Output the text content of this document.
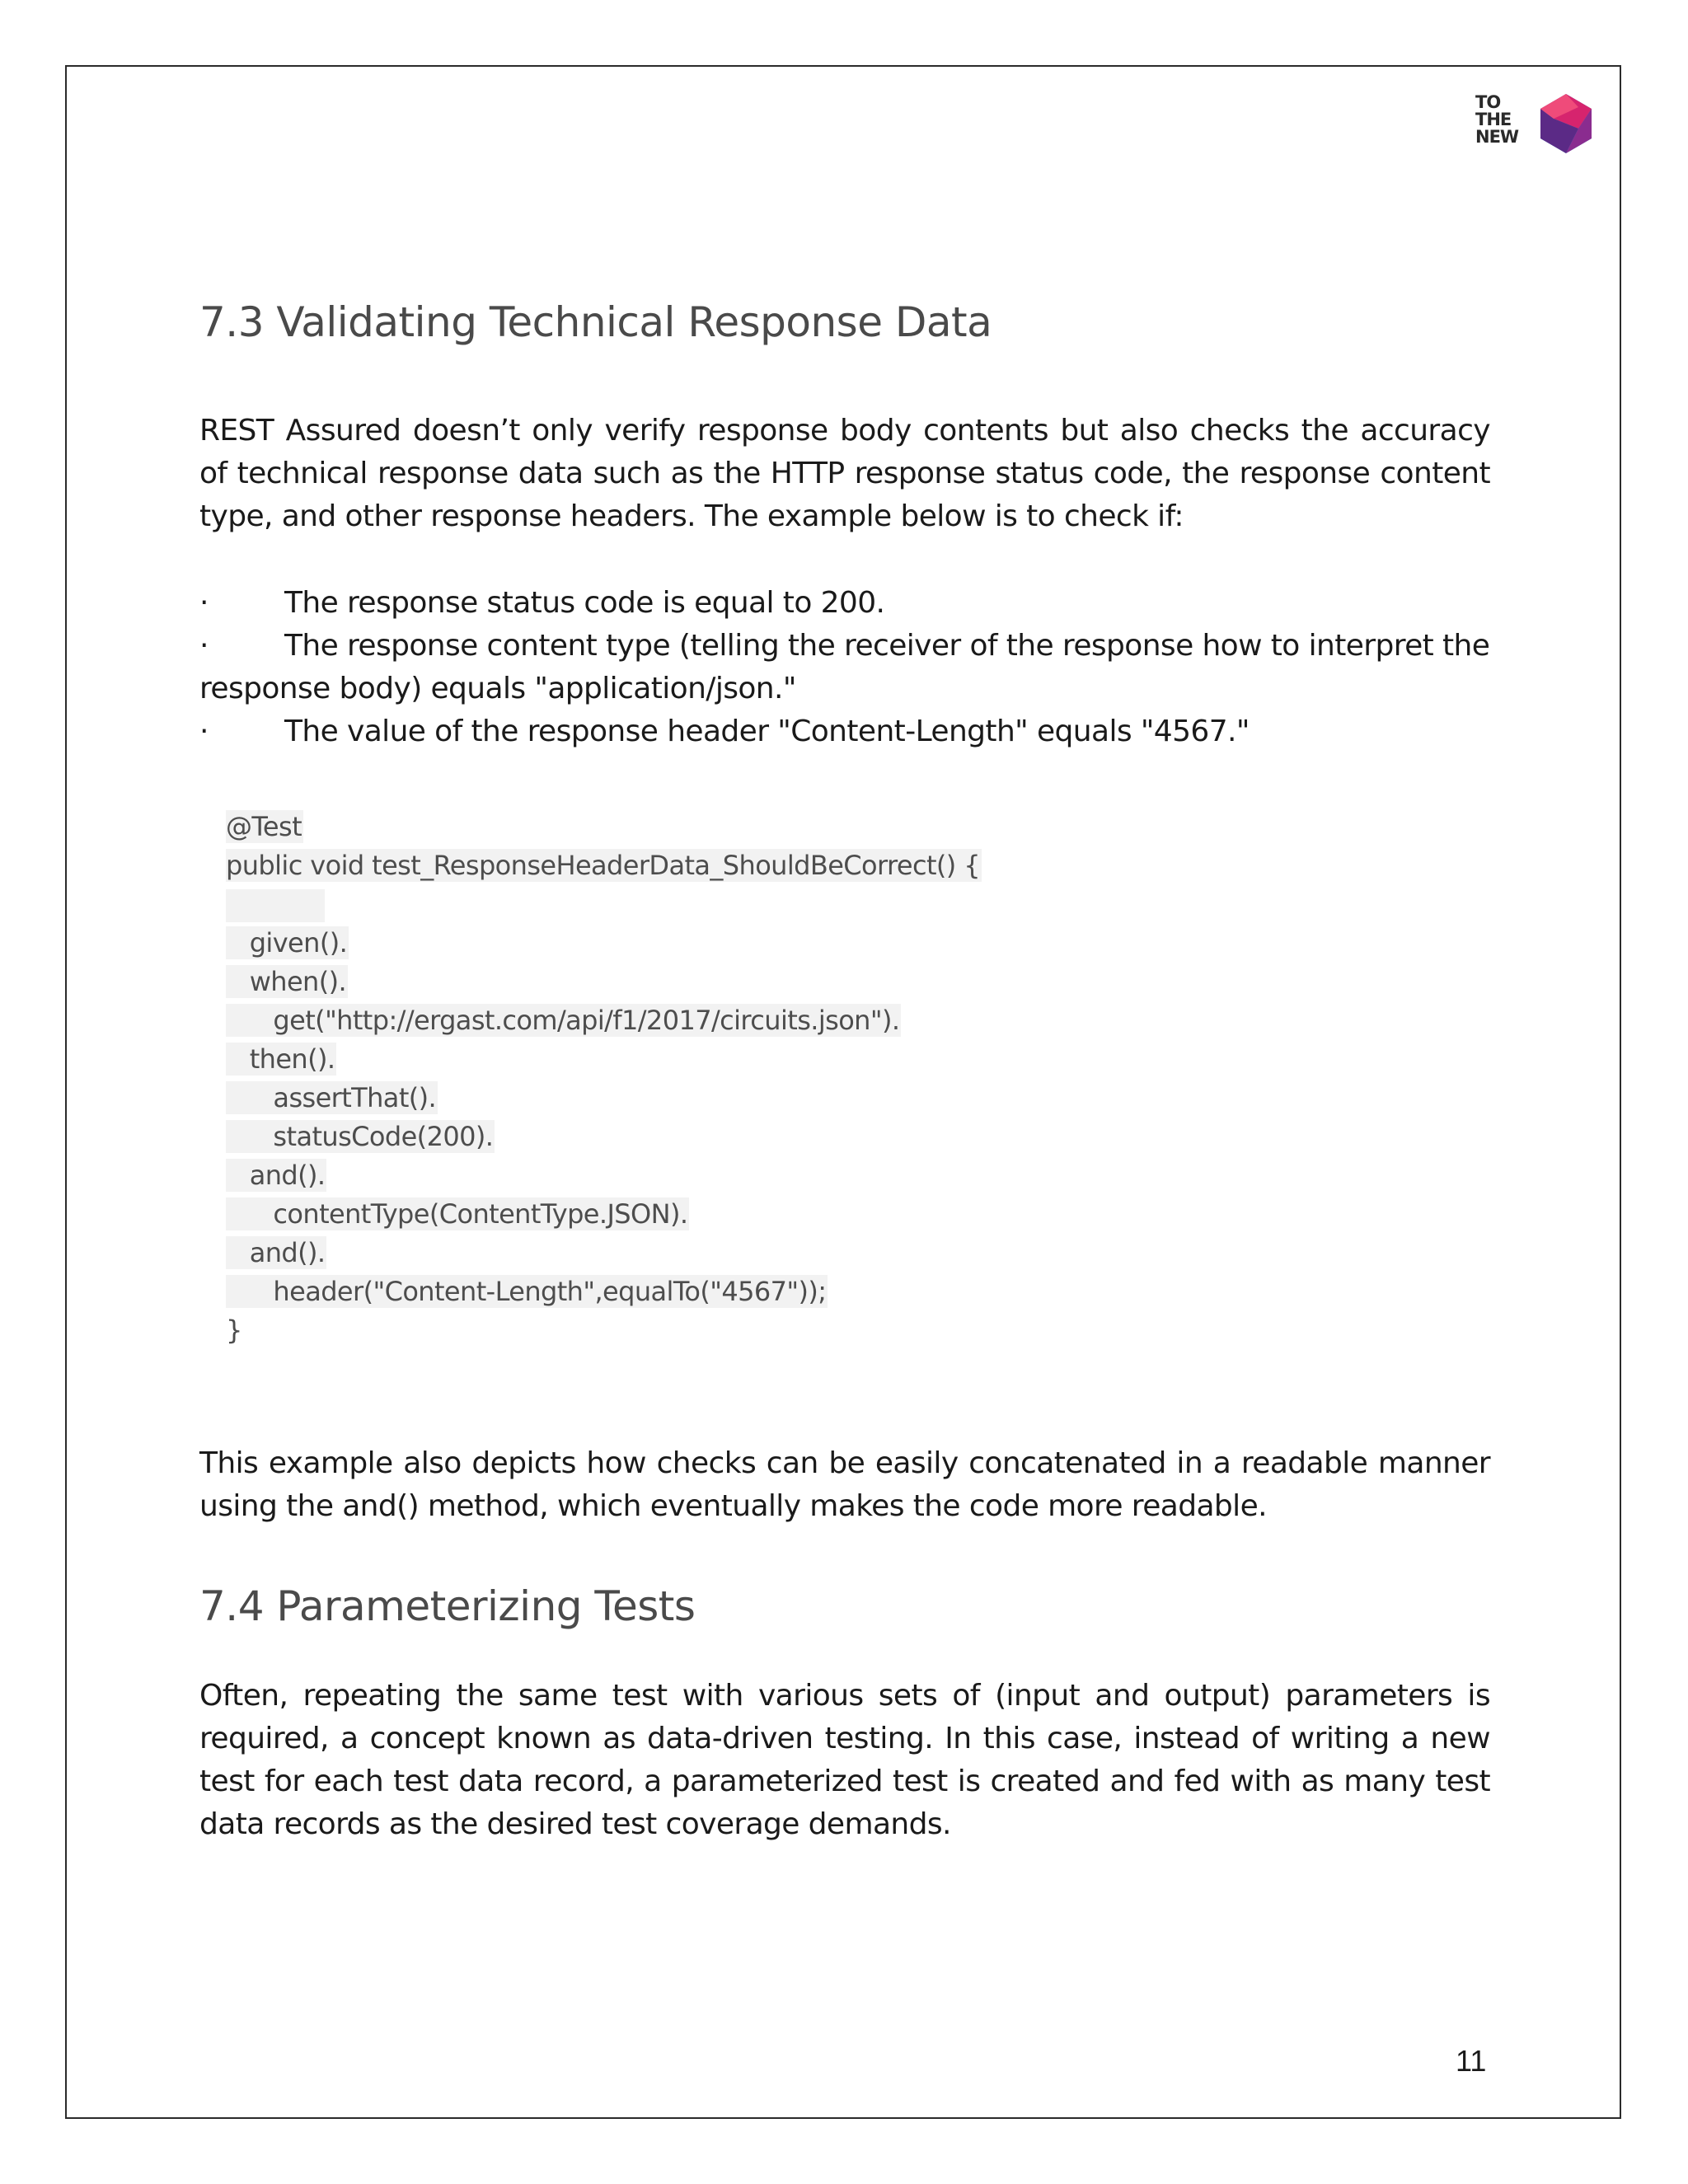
TO
THE
NEW
7.3 Validating Technical Response Data

REST Assured doesn’t only verify response body contents but also checks the accuracy of technical response data such as the HTTP response status code, the response content type, and other response headers. The example below is to check if:

·	The response status code is equal to 200.
·	The response content type (telling the receiver of the response how to interpret the response body) equals "application/json."
·	The value of the response header "Content-Length" equals "4567."
@Test
public void test_ResponseHeaderData_ShouldBeCorrect() {
given().
when().
get("http://ergast.com/api/f1/2017/circuits.json").
then().
assertThat().
statusCode(200).
and().
contentType(ContentType.JSON).
and().
header("Content-Length",equalTo("4567"));
}

This example also depicts how checks can be easily concatenated in a readable manner using the and() method, which eventually makes the code more readable.

7.4 Parameterizing Tests

Often, repeating the same test with various sets of (input and output) parameters is required, a concept known as data-driven testing. In this case, instead of writing a new test for each test data record, a parameterized test is created and fed with as many test data records as the desired test coverage demands.

11
